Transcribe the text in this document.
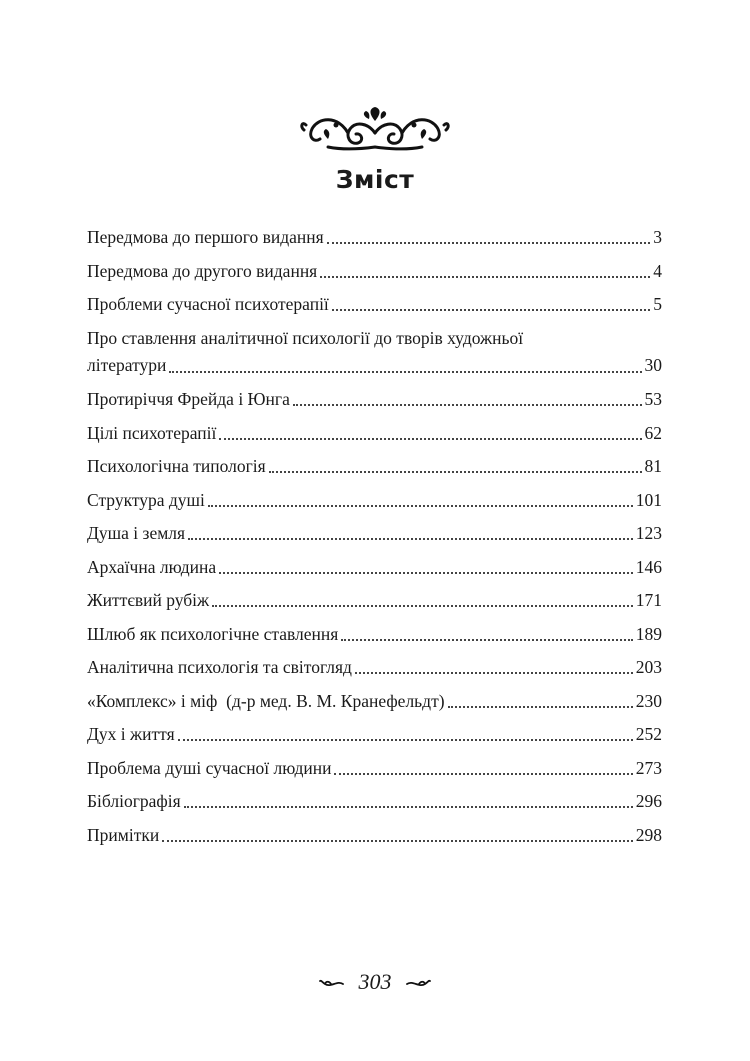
Зміст
Передмова до першого видання	3
Передмова до другого видання	4
Проблеми сучасної психотерапії	5
Про ставлення аналітичної психології до творів художньої
літератури	30
Протиріччя Фрейда і Юнга	53
Цілі психотерапії	62
Психологічна типологія	81
Структура душі	101
Душа і земля	123
Архаїчна людина	146
Життєвий рубіж	171
Шлюб як психологічне ставлення	189
Аналітична психологія та світогляд	203
«Комплекс» і міф  (д-р мед. В. М. Кранефельдт)	230
Дух і життя	252
Проблема душі сучасної людини	273
Бібліографія	296
Примітки	298
303
